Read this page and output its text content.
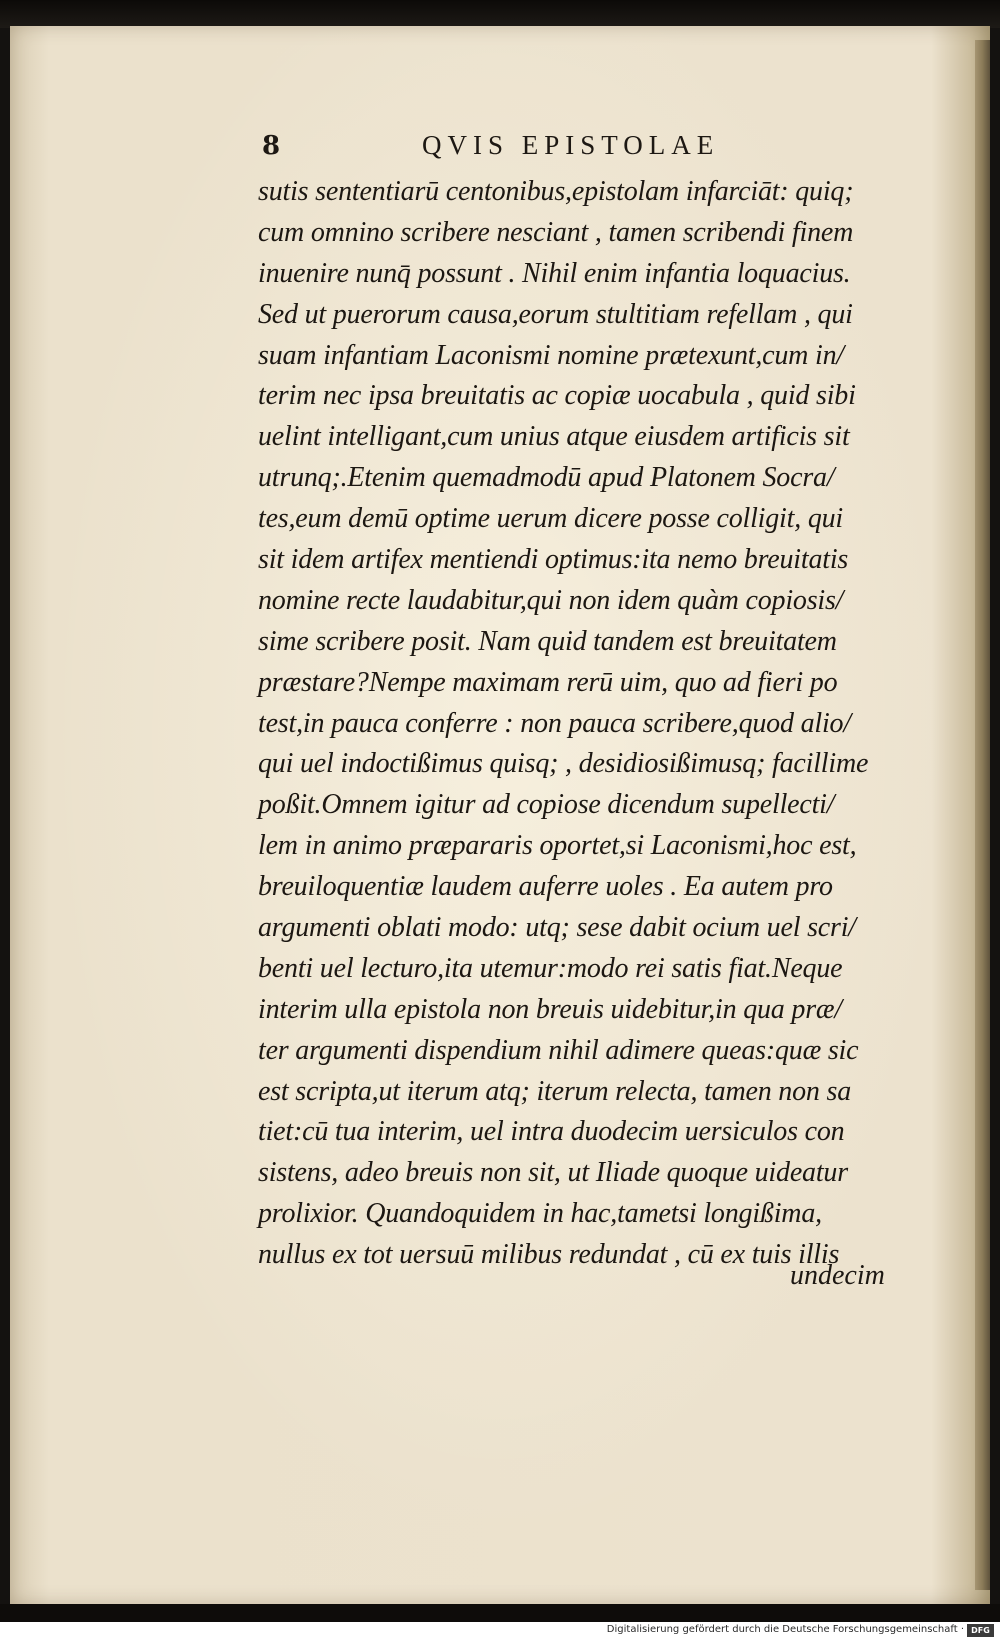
8	QVIS EPISTOLAE
sutis sententiarū centonibus,epistolam infarciāt: quiq;
cum omnino scribere nesciant , tamen scribendi finem
inuenire nunq̄ possunt . Nihil enim infantia loquacius.
Sed ut puerorum causa,eorum stultitiam refellam , qui
suam infantiam Laconismi nomine prætexunt,cum in/
terim nec ipsa breuitatis ac copiæ uocabula , quid sibi
uelint intelligant,cum unius atque eiusdem artificis sit
utrunq;.Etenim quemadmodū apud Platonem Socra/
tes,eum demū optime uerum dicere posse colligit, qui
sit idem artifex mentiendi optimus:ita nemo breuitatis
nomine recte laudabitur,qui non idem quàm copiosis/
sime scribere posit. Nam quid tandem est breuitatem
præstare?Nempe maximam rerū uim, quo ad fieri po
test,in pauca conferre : non pauca scribere,quod alio/
qui uel indoctißimus quisq; , desidiosißimusq; facillime
poßit.Omnem igitur ad copiose dicendum supellecti/
lem in animo præpararis oportet,si Laconismi,hoc est,
breuiloquentiæ laudem auferre uoles . Ea autem pro
argumenti oblati modo: utq; sese dabit ocium uel scri/
benti uel lecturo,ita utemur:modo rei satis fiat.Neque
interim ulla epistola non breuis uidebitur,in qua præ/
ter argumenti dispendium nihil adimere queas:quæ sic
est scripta,ut iterum atq; iterum relecta, tamen non sa
tiet:cū tua interim, uel intra duodecim uersiculos con
sistens, adeo breuis non sit, ut Iliade quoque uideatur
prolixior. Quandoquidem in hac,tametsi longißima,
nullus ex tot uersuū milibus redundat , cū ex tuis illis
undecim
Digitalisierung gefördert durch die Deutsche Forschungsgemeinschaft · DFG
